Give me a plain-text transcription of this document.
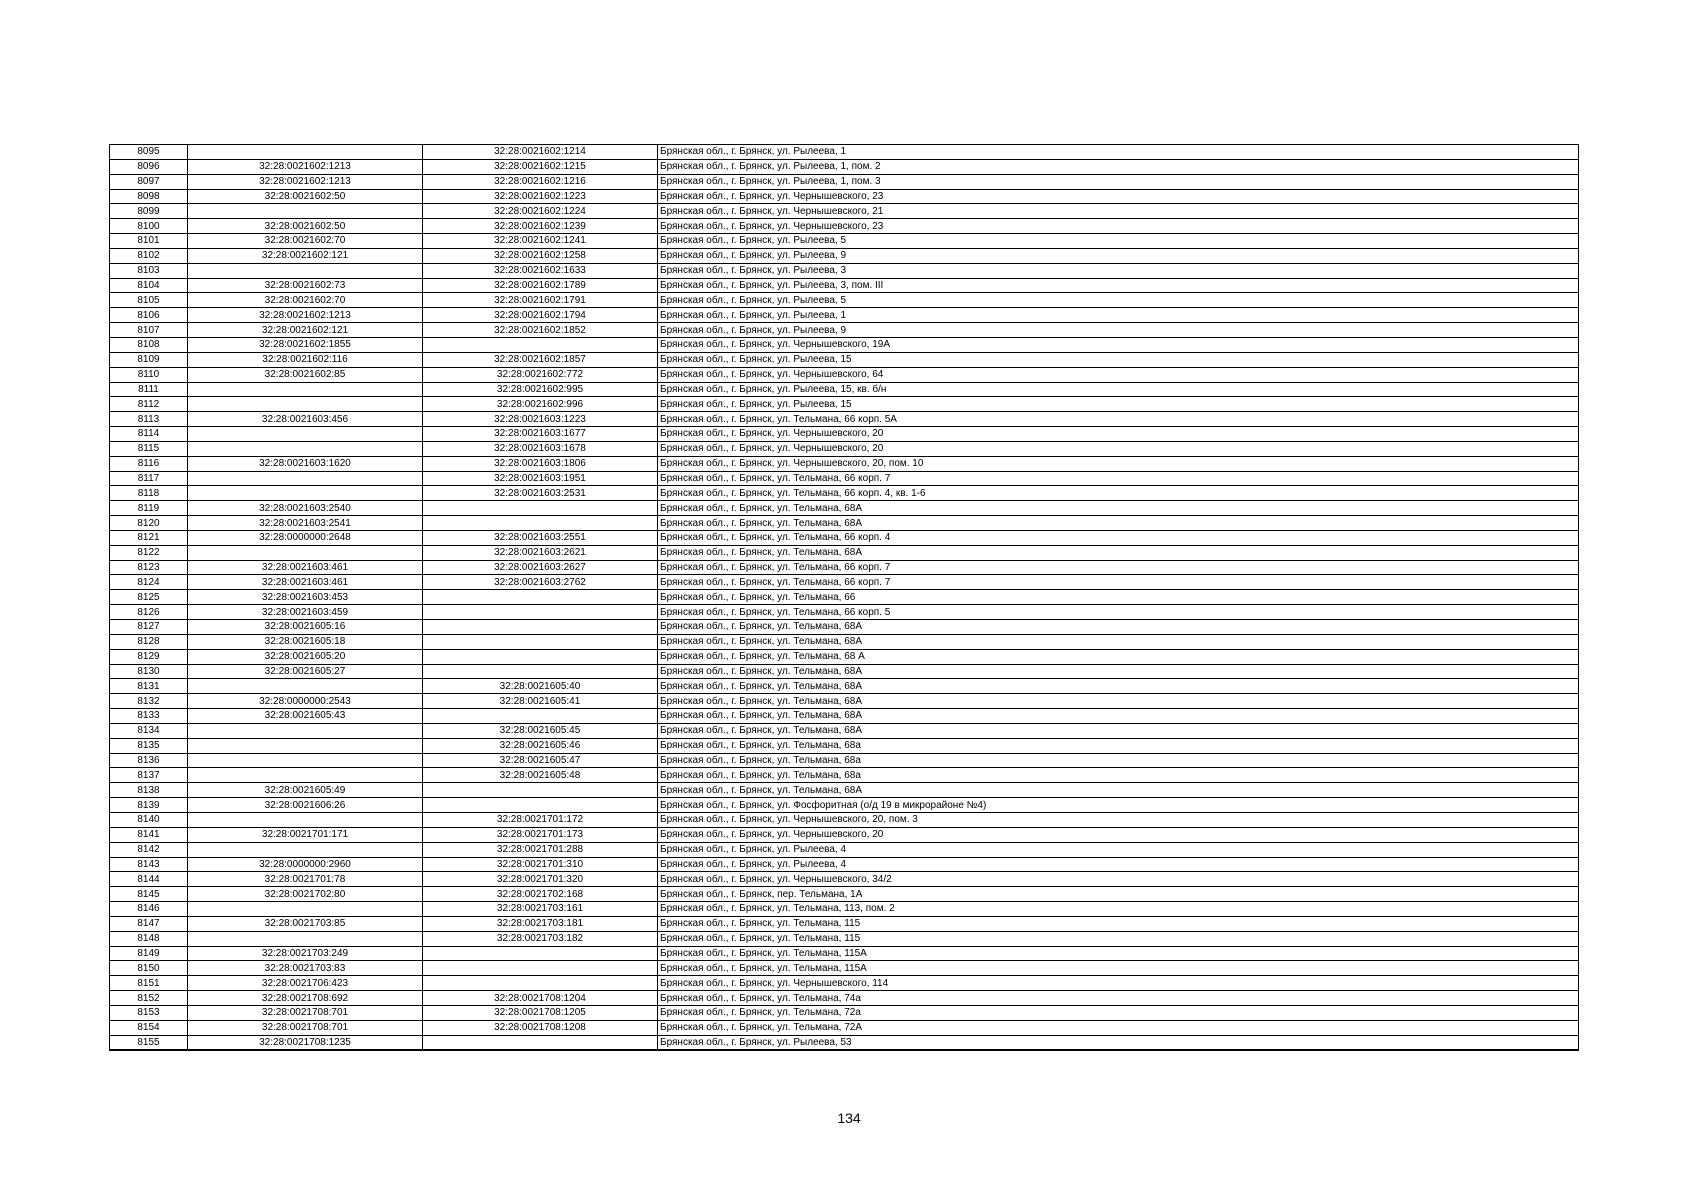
8095		32:28:0021602:1214	Брянская обл., г. Брянск, ул. Рылеева, 1
8096	32:28:0021602:1213	32:28:0021602:1215	Брянская обл., г. Брянск, ул. Рылеева, 1, пом. 2
8097	32:28:0021602:1213	32:28:0021602:1216	Брянская обл., г. Брянск, ул. Рылеева, 1, пом. 3
8098	32:28:0021602:50	32:28:0021602:1223	Брянская обл., г. Брянск, ул. Чернышевского, 23
8099		32:28:0021602:1224	Брянская обл., г. Брянск, ул. Чернышевского, 21
8100	32:28:0021602:50	32:28:0021602:1239	Брянская обл., г. Брянск, ул. Чернышевского, 23
8101	32:28:0021602:70	32:28:0021602:1241	Брянская обл., г. Брянск, ул. Рылеева, 5
8102	32:28:0021602:121	32:28:0021602:1258	Брянская обл., г. Брянск, ул. Рылеева, 9
8103		32:28:0021602:1633	Брянская обл., г. Брянск, ул. Рылеева, 3
8104	32:28:0021602:73	32:28:0021602:1789	Брянская обл., г. Брянск, ул. Рылеева, 3, пом. III
8105	32:28:0021602:70	32:28:0021602:1791	Брянская обл., г. Брянск, ул. Рылеева, 5
8106	32:28:0021602:1213	32:28:0021602:1794	Брянская обл., г. Брянск, ул. Рылеева, 1
8107	32:28:0021602:121	32:28:0021602:1852	Брянская обл., г. Брянск, ул. Рылеева, 9
8108	32:28:0021602:1855		Брянская обл., г. Брянск, ул. Чернышевского, 19А
8109	32:28:0021602:116	32:28:0021602:1857	Брянская обл., г. Брянск, ул. Рылеева, 15
8110	32:28:0021602:85	32:28:0021602:772	Брянская обл., г. Брянск, ул. Чернышевского, 64
8111		32:28:0021602:995	Брянская обл., г. Брянск, ул. Рылеева, 15, кв. б/н
8112		32:28:0021602:996	Брянская обл., г. Брянск, ул. Рылеева, 15
8113	32:28:0021603:456	32:28:0021603:1223	Брянская обл., г. Брянск, ул. Тельмана, 66 корп. 5А
8114		32:28:0021603:1677	Брянская обл., г. Брянск, ул. Чернышевского, 20
8115		32:28:0021603:1678	Брянская обл., г. Брянск, ул. Чернышевского, 20
8116	32:28:0021603:1620	32:28:0021603:1806	Брянская обл., г. Брянск, ул. Чернышевского, 20, пом. 10
8117		32:28:0021603:1951	Брянская обл., г. Брянск, ул. Тельмана, 66 корп. 7
8118		32:28:0021603:2531	Брянская обл., г. Брянск, ул. Тельмана, 66 корп. 4, кв. 1-6
8119	32:28:0021603:2540		Брянская обл., г. Брянск, ул. Тельмана, 68А
8120	32:28:0021603:2541		Брянская обл., г. Брянск, ул. Тельмана, 68А
8121	32:28:0000000:2648	32:28:0021603:2551	Брянская обл., г. Брянск, ул. Тельмана, 66 корп. 4
8122		32:28:0021603:2621	Брянская обл., г. Брянск, ул. Тельмана, 68А
8123	32:28:0021603:461	32:28:0021603:2627	Брянская обл., г. Брянск, ул. Тельмана, 66 корп. 7
8124	32:28:0021603:461	32:28:0021603:2762	Брянская обл., г. Брянск, ул. Тельмана, 66 корп. 7
8125	32:28:0021603:453		Брянская обл., г. Брянск, ул. Тельмана, 66
8126	32:28:0021603:459		Брянская обл., г. Брянск, ул. Тельмана, 66 корп. 5
8127	32:28:0021605:16		Брянская обл., г. Брянск, ул. Тельмана, 68А
8128	32:28:0021605:18		Брянская обл., г. Брянск, ул. Тельмана, 68А
8129	32:28:0021605:20		Брянская обл., г. Брянск, ул. Тельмана, 68 А
8130	32:28:0021605:27		Брянская обл., г. Брянск, ул. Тельмана, 68А
8131		32:28:0021605:40	Брянская обл., г. Брянск, ул. Тельмана, 68А
8132	32:28:0000000:2543	32:28:0021605:41	Брянская обл., г. Брянск, ул. Тельмана, 68А
8133	32:28:0021605:43		Брянская обл., г. Брянск, ул. Тельмана, 68А
8134		32:28:0021605:45	Брянская обл., г. Брянск, ул. Тельмана, 68А
8135		32:28:0021605:46	Брянская обл., г. Брянск, ул. Тельмана, 68а
8136		32:28:0021605:47	Брянская обл., г. Брянск, ул. Тельмана, 68а
8137		32:28:0021605:48	Брянская обл., г. Брянск, ул. Тельмана, 68а
8138	32:28:0021605:49		Брянская обл., г. Брянск, ул. Тельмана, 68А
8139	32:28:0021606:26		Брянская обл., г. Брянск, ул. Фосфоритная (о/д 19 в микрорайоне №4)
8140		32:28:0021701:172	Брянская обл., г. Брянск, ул. Чернышевского, 20, пом. 3
8141	32:28:0021701:171	32:28:0021701:173	Брянская обл., г. Брянск, ул. Чернышевского, 20
8142		32:28:0021701:288	Брянская обл., г. Брянск, ул. Рылеева, 4
8143	32:28:0000000:2960	32:28:0021701:310	Брянская обл., г. Брянск, ул. Рылеева, 4
8144	32:28:0021701:78	32:28:0021701:320	Брянская обл., г. Брянск, ул. Чернышевского, 34/2
8145	32:28:0021702:80	32:28:0021702:168	Брянская обл., г. Брянск, пер. Тельмана, 1А
8146		32:28:0021703:161	Брянская обл., г. Брянск, ул. Тельмана, 113, пом. 2
8147	32:28:0021703:85	32:28:0021703:181	Брянская обл., г. Брянск, ул. Тельмана, 115
8148		32:28:0021703:182	Брянская обл., г. Брянск, ул. Тельмана, 115
8149	32:28:0021703:249		Брянская обл., г. Брянск, ул. Тельмана, 115А
8150	32:28:0021703:83		Брянская обл., г. Брянск, ул. Тельмана, 115А
8151	32:28:0021706:423		Брянская обл., г. Брянск, ул. Чернышевского, 114
8152	32:28:0021708:692	32:28:0021708:1204	Брянская обл., г. Брянск, ул. Тельмана, 74а
8153	32:28:0021708:701	32:28:0021708:1205	Брянская обл., г. Брянск, ул. Тельмана, 72а
8154	32:28:0021708:701	32:28:0021708:1208	Брянская обл., г. Брянск, ул. Тельмана, 72А
8155	32:28:0021708:1235		Брянская обл., г. Брянск, ул. Рылеева, 53
134
